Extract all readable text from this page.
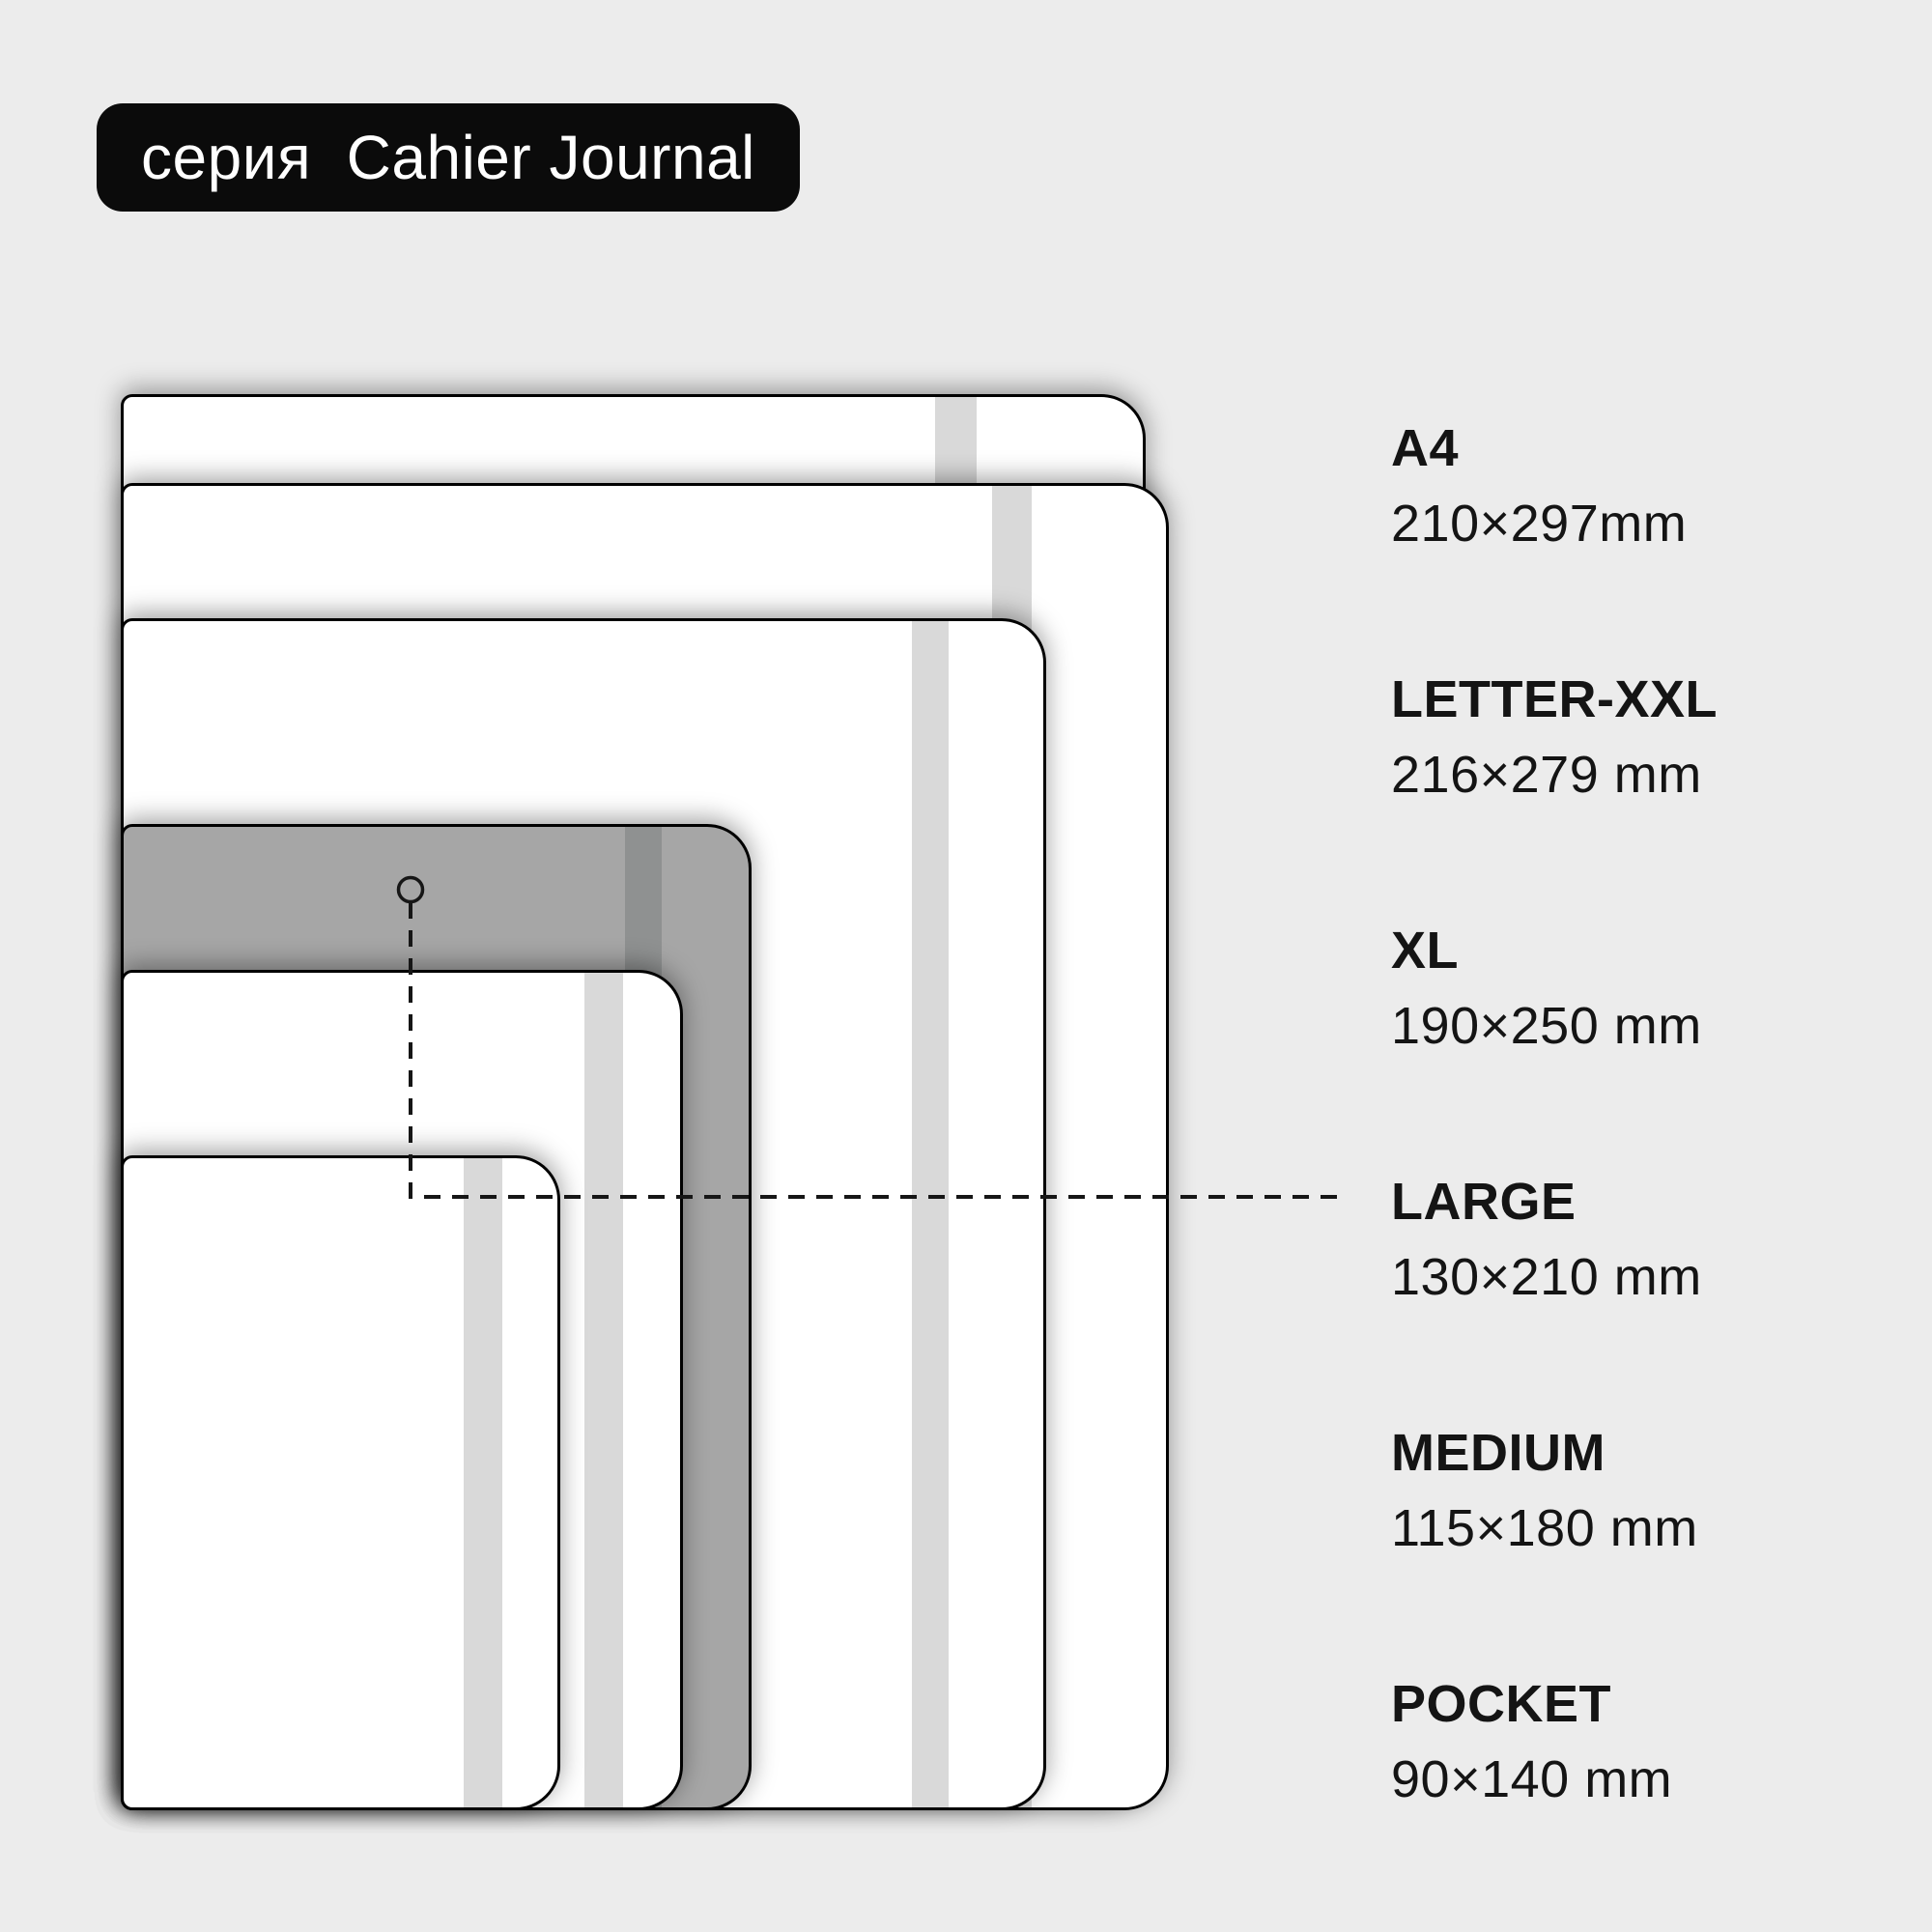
серия  Cahier Journal
A4
210×297mm
LETTER-XXL
216×279 mm
XL
190×250 mm
LARGE
130×210 mm
MEDIUM
115×180 mm
POCKET
90×140 mm
